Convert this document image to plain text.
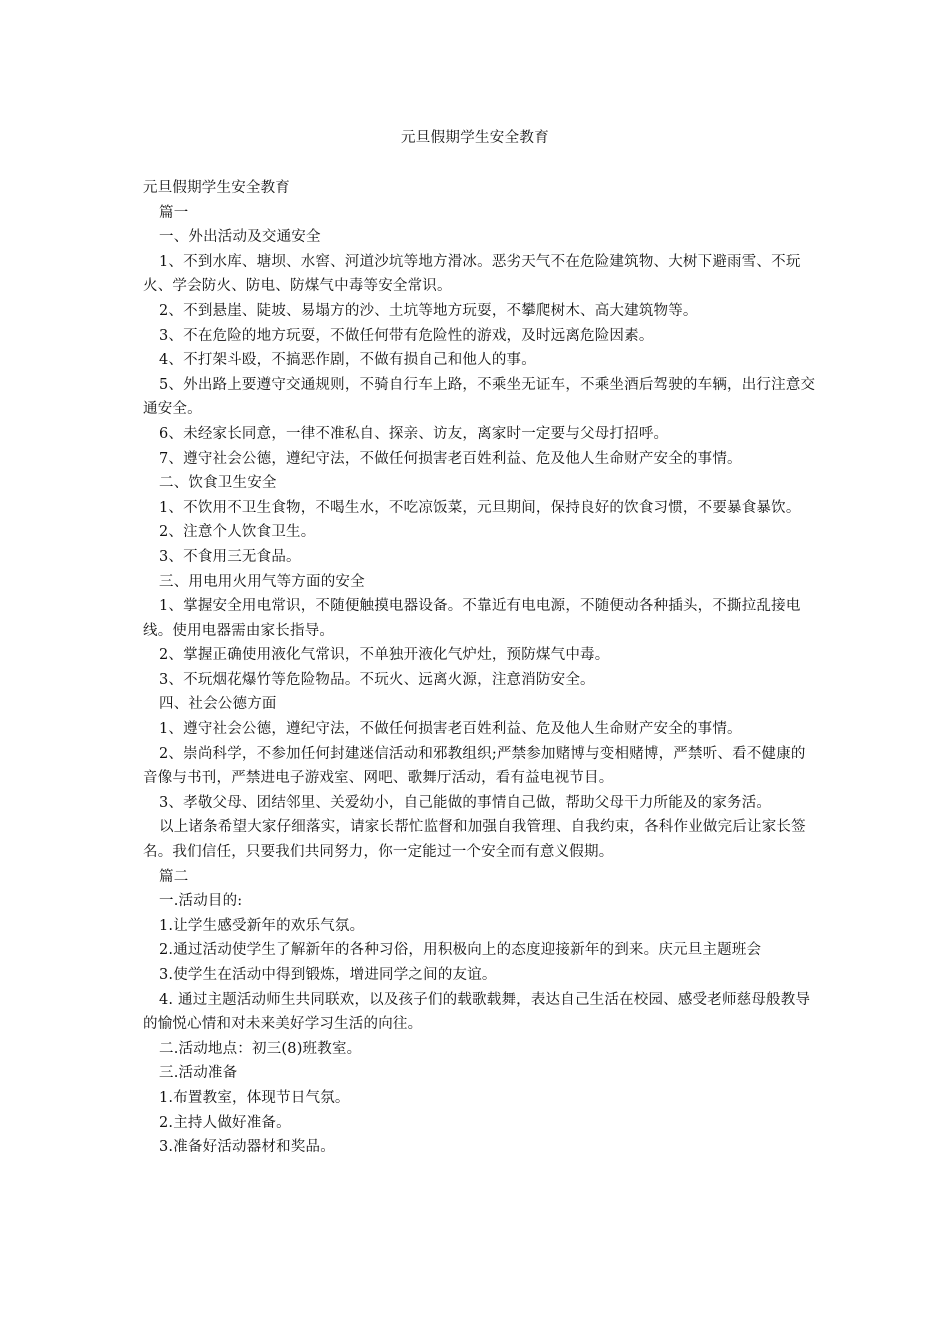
元旦假期学生安全教育

元旦假期学生安全教育

篇一

一、外出活动及交通安全

1、不到水库、塘坝、水窖、河道沙坑等地方滑冰。恶劣天气不在危险建筑物、大树下避雨雪、不玩火、学会防火、防电、防煤气中毒等安全常识。

2、不到悬崖、陡坡、易塌方的沙、土坑等地方玩耍，不攀爬树木、高大建筑物等。

3、不在危险的地方玩耍，不做任何带有危险性的游戏，及时远离危险因素。

4、不打架斗殴，不搞恶作剧，不做有损自己和他人的事。

5、外出路上要遵守交通规则，不骑自行车上路，不乘坐无证车，不乘坐酒后驾驶的车辆，出行注意交通安全。

6、未经家长同意，一律不准私自、探亲、访友，离家时一定要与父母打招呼。

7、遵守社会公德，遵纪守法，不做任何损害老百姓利益、危及他人生命财产安全的事情。

二、饮食卫生安全

1、不饮用不卫生食物，不喝生水，不吃凉饭菜，元旦期间，保持良好的饮食习惯，不要暴食暴饮。

2、注意个人饮食卫生。

3、不食用三无食品。

三、用电用火用气等方面的安全

1、掌握安全用电常识，不随便触摸电器设备。不靠近有电电源，不随便动各种插头，不撕拉乱接电线。使用电器需由家长指导。

2、掌握正确使用液化气常识，不单独开液化气炉灶，预防煤气中毒。

3、不玩烟花爆竹等危险物品。不玩火、远离火源，注意消防安全。

四、社会公德方面

1、遵守社会公德，遵纪守法，不做任何损害老百姓利益、危及他人生命财产安全的事情。

2、崇尚科学，不参加任何封建迷信活动和邪教组织;严禁参加赌博与变相赌博，严禁听、看不健康的音像与书刊，严禁进电子游戏室、网吧、歌舞厅活动，看有益电视节目。

3、孝敬父母、团结邻里、关爱幼小，自己能做的事情自己做，帮助父母干力所能及的家务活。

以上诸条希望大家仔细落实，请家长帮忙监督和加强自我管理、自我约束，各科作业做完后让家长签名。我们信任，只要我们共同努力，你一定能过一个安全而有意义假期。

篇二

一.活动目的:

1.让学生感受新年的欢乐气氛。

2.通过活动使学生了解新年的各种习俗，用积极向上的态度迎接新年的到来。庆元旦主题班会

3.使学生在活动中得到锻炼，增进同学之间的友谊。

4. 通过主题活动师生共同联欢，以及孩子们的载歌载舞，表达自己生活在校园、感受老师慈母般教导的愉悦心情和对未来美好学习生活的向往。

二.活动地点：初三(8)班教室。

三.活动准备

1.布置教室，体现节日气氛。

2.主持人做好准备。

3.准备好活动器材和奖品。
